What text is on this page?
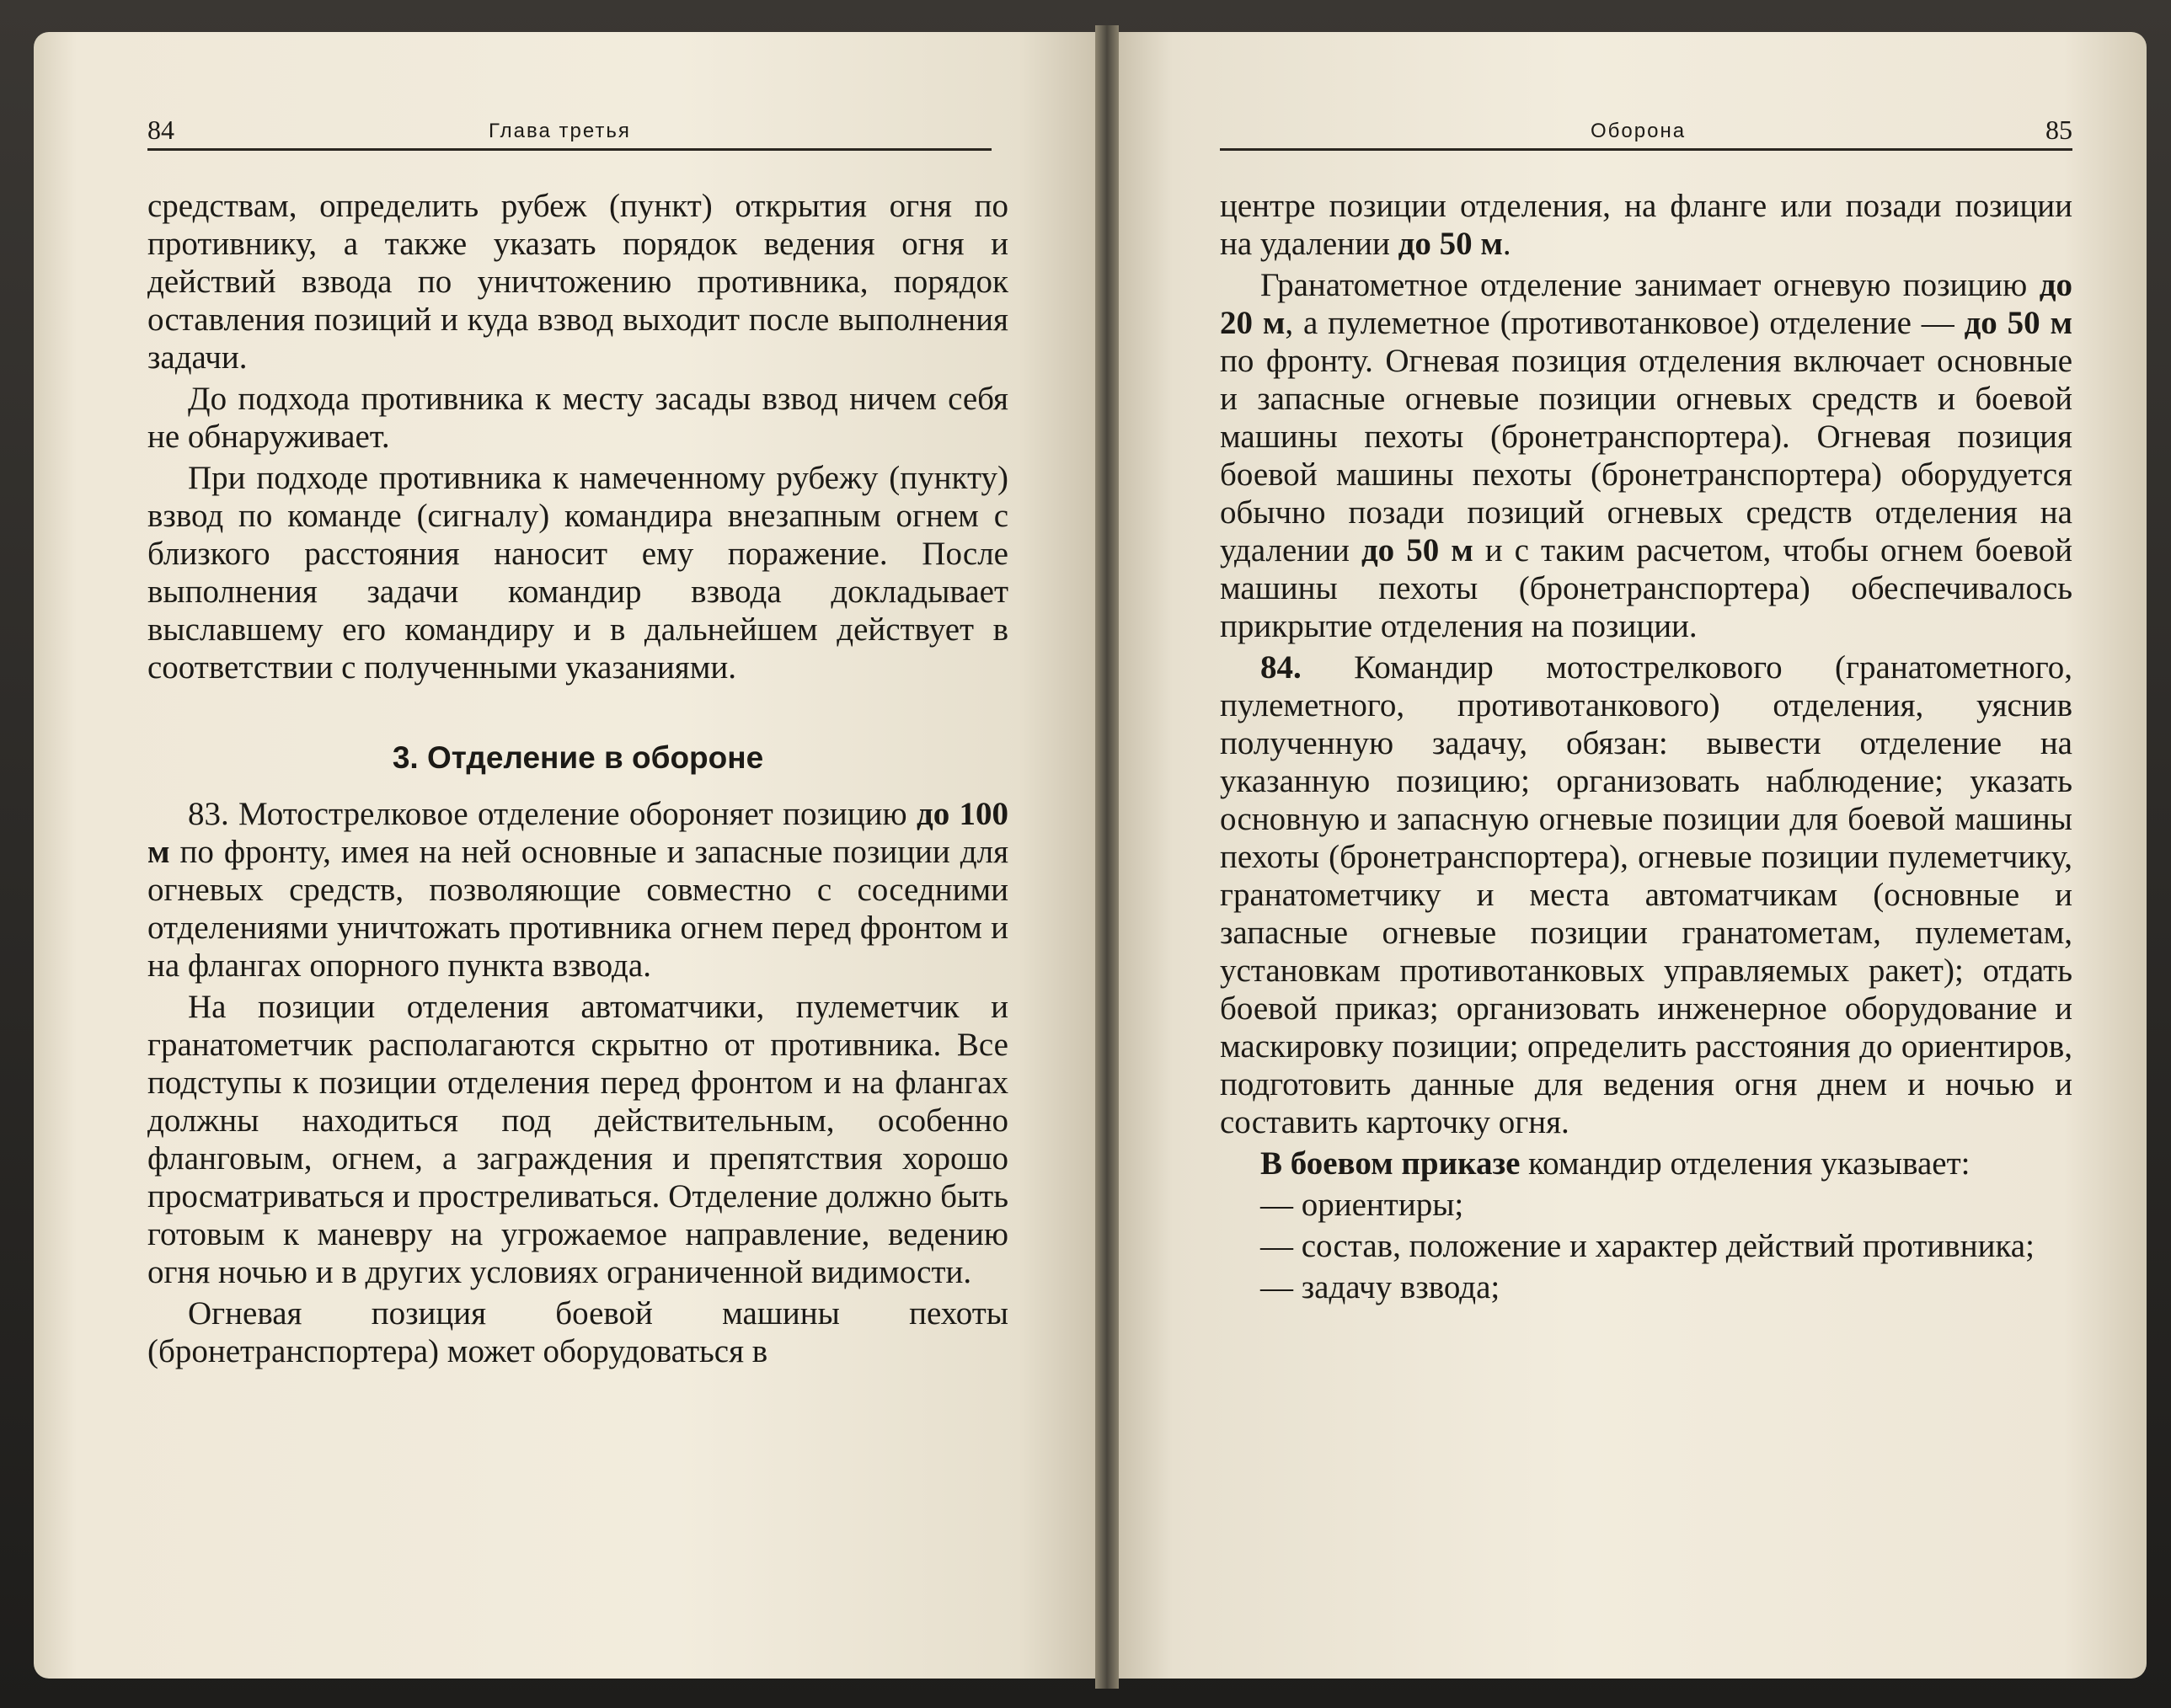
84	Глава третья	Оборона	85

средствам, определить рубеж (пункт) открытия огня по противнику, а также указать порядок ведения огня и действий взвода по уничтожению противника, порядок оставления позиций и куда взвод выходит после выполнения задачи.

До подхода противника к месту засады взвод ничем себя не обнаруживает.

При подходе противника к намеченному рубежу (пункту) взвод по команде (сигналу) командира внезапным огнем с близкого расстояния наносит ему поражение. После выполнения задачи командир взвода докладывает выславшему его командиру и в дальнейшем действует в соответствии с полученными указаниями.

3. Отделение в обороне

83. Мотострелковое отделение обороняет позицию до 100 м по фронту, имея на ней основные и запасные позиции для огневых средств, позволяющие совместно с соседними отделениями уничтожать противника огнем перед фронтом и на флангах опорного пункта взвода.

На позиции отделения автоматчики, пулеметчик и гранатометчик располагаются скрытно от противника. Все подступы к позиции отделения перед фронтом и на флангах должны находиться под действительным, особенно фланговым, огнем, а заграждения и препятствия хорошо просматриваться и простреливаться. Отделение должно быть готовым к маневру на угрожаемое направление, ведению огня ночью и в других условиях ограниченной видимости.

Огневая позиция боевой машины пехоты (бронетранспортера) может оборудоваться в

центре позиции отделения, на фланге или позади позиции на удалении до 50 м.

Гранатометное отделение занимает огневую позицию до 20 м, а пулеметное (противотанковое) отделение — до 50 м по фронту. Огневая позиция отделения включает основные и запасные огневые позиции огневых средств и боевой машины пехоты (бронетранспортера). Огневая позиция боевой машины пехоты (бронетранспортера) оборудуется обычно позади позиций огневых средств отделения на удалении до 50 м и с таким расчетом, чтобы огнем боевой машины пехоты (бронетранспортера) обеспечивалось прикрытие отделения на позиции.

84. Командир мотострелкового (гранатометного, пулеметного, противотанкового) отделения, уяснив полученную задачу, обязан: вывести отделение на указанную позицию; организовать наблюдение; указать основную и запасную огневые позиции для боевой машины пехоты (бронетранспортера), огневые позиции пулеметчику, гранатометчику и места автоматчикам (основные и запасные огневые позиции гранатометам, пулеметам, установкам противотанковых управляемых ракет); отдать боевой приказ; организовать инженерное оборудование и маскировку позиции; определить расстояния до ориентиров, подготовить данные для ведения огня днем и ночью и составить карточку огня.

В боевом приказе командир отделения указывает:

— ориентиры;

— состав, положение и характер действий противника;

— задачу взвода;
